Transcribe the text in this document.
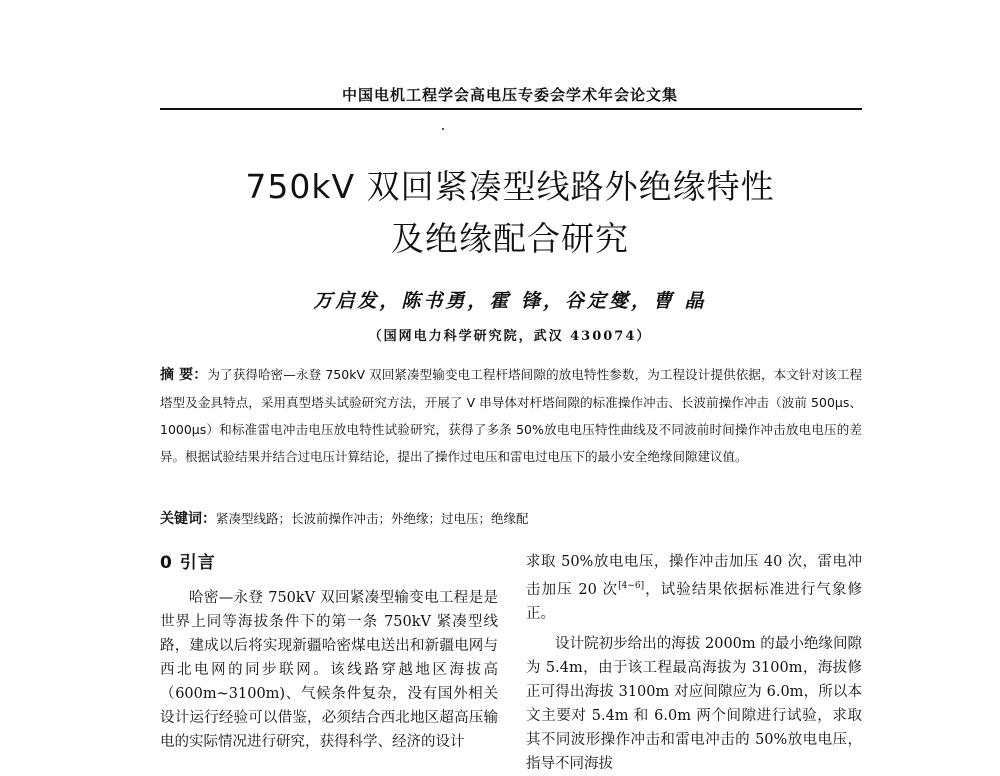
中国电机工程学会高电压专委会学术年会论文集
750kV 双回紧凑型线路外绝缘特性
及绝缘配合研究
万启发，陈书勇，霍 锋，谷定燮，曹 晶
（国网电力科学研究院，武汉 430074）
摘 要：为了获得哈密—永登 750kV 双回紧凑型输变电工程杆塔间隙的放电特性参数，为工程设计提供依据，本文针对该工程塔型及金具特点，采用真型塔头试验研究方法，开展了 V 串导体对杆塔间隙的标准操作冲击、长波前操作冲击（波前 500μs、1000μs）和标准雷电冲击电压放电特性试验研究，获得了多条 50%放电电压特性曲线及不同波前时间操作冲击放电电压的差异。根据试验结果并结合过电压计算结论，提出了操作过电压和雷电过电压下的最小安全绝缘间隙建议值。
关键词：紧凑型线路；长波前操作冲击；外绝缘；过电压；绝缘配
0 引言

哈密—永登 750kV 双回紧凑型输变电工程是是世界上同等海拔条件下的第一条 750kV 紧凑型线路，建成以后将实现新疆哈密煤电送出和新疆电网与西北电网的同步联网。该线路穿越地区海拔高（600m~3100m)、气候条件复杂，没有国外相关设计运行经验可以借鉴，必须结合西北地区超高压输电的实际情况进行研究，获得科学、经济的设计

求取 50%放电电压，操作冲击加压 40 次，雷电冲击加压 20 次[4~6]，试验结果依据标准进行气象修正。

设计院初步给出的海拔 2000m 的最小绝缘间隙为 5.4m，由于该工程最高海拔为 3100m，海拔修正可得出海拔 3100m 对应间隙应为 6.0m，所以本文主要对 5.4m 和 6.0m 两个间隙进行试验，求取其不同波形操作冲击和雷电冲击的 50%放电电压，指导不同海拔
